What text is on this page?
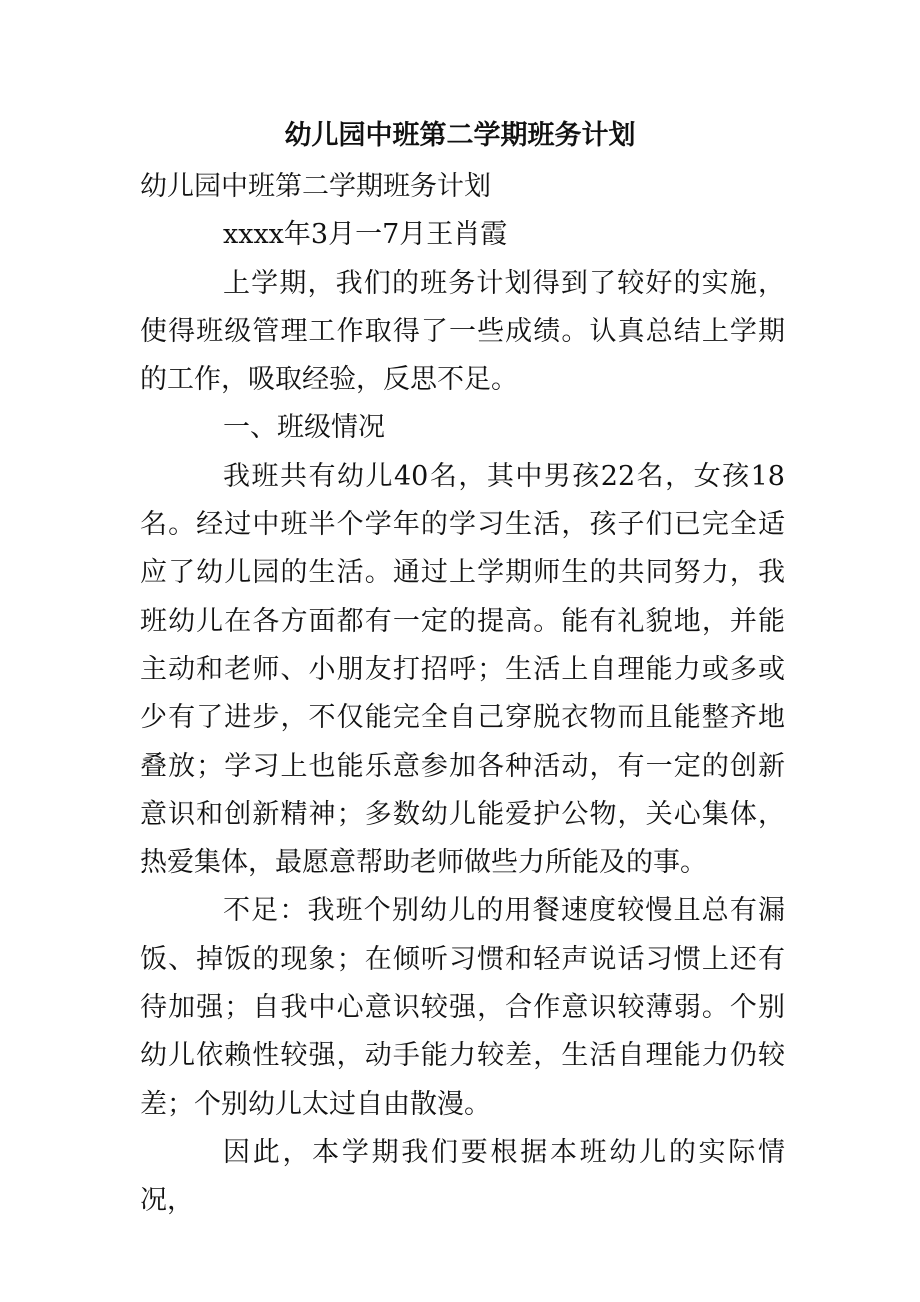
幼儿园中班第二学期班务计划

幼儿园中班第二学期班务计划

xxxx年3月一7月王肖霞

上学期，我们的班务计划得到了较好的实施，使得班级管理工作取得了一些成绩。认真总结上学期的工作，吸取经验，反思不足。

一、班级情况

我班共有幼儿40名，其中男孩22名，女孩18名。经过中班半个学年的学习生活，孩子们已完全适应了幼儿园的生活。通过上学期师生的共同努力，我班幼儿在各方面都有一定的提高。能有礼貌地，并能主动和老师、小朋友打招呼；生活上自理能力或多或少有了进步，不仅能完全自己穿脱衣物而且能整齐地叠放；学习上也能乐意参加各种活动，有一定的创新意识和创新精神；多数幼儿能爱护公物，关心集体，热爱集体，最愿意帮助老师做些力所能及的事。

不足：我班个别幼儿的用餐速度较慢且总有漏饭、掉饭的现象；在倾听习惯和轻声说话习惯上还有待加强；自我中心意识较强，合作意识较薄弱。个别幼儿依赖性较强，动手能力较差，生活自理能力仍较差；个别幼儿太过自由散漫。

因此，本学期我们要根据本班幼儿的实际情况，
